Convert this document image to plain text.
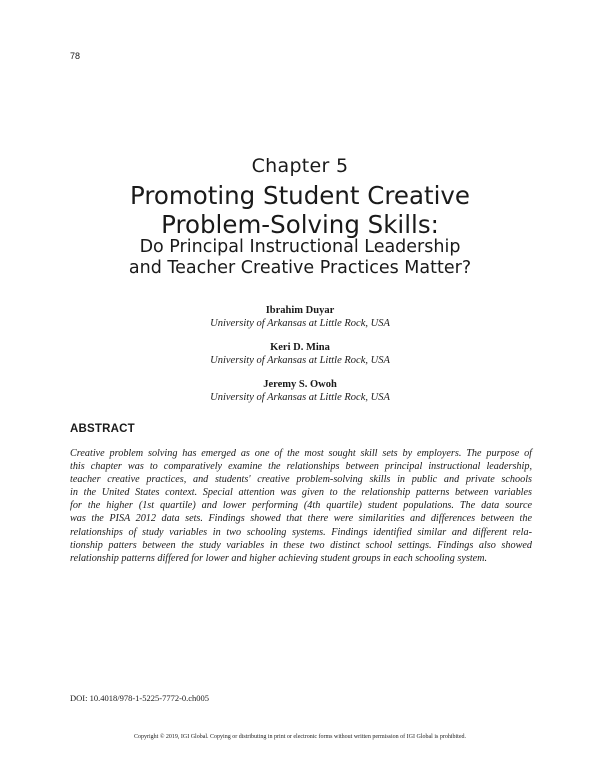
78
Chapter 5
Promoting Student Creative
Problem-Solving Skills:
Do Principal Instructional Leadership
and Teacher Creative Practices Matter?
Ibrahim Duyar
University of Arkansas at Little Rock, USA
Keri D. Mina
University of Arkansas at Little Rock, USA
Jeremy S. Owoh
University of Arkansas at Little Rock, USA
ABSTRACT
Creative problem solving has emerged as one of the most sought skill sets by employers. The purpose of
this chapter was to comparatively examine the relationships between principal instructional leadership,
teacher creative practices, and students' creative problem-solving skills in public and private schools
in the United States context. Special attention was given to the relationship patterns between variables
for the higher (1st quartile) and lower performing (4th quartile) student populations. The data source
was the PISA 2012 data sets. Findings showed that there were similarities and differences between the
relationships of study variables in two schooling systems. Findings identified similar and different rela-
tionship patters between the study variables in these two distinct school settings. Findings also showed
relationship patterns differed for lower and higher achieving student groups in each schooling system.
DOI: 10.4018/978-1-5225-7772-0.ch005
Copyright © 2019, IGI Global. Copying or distributing in print or electronic forms without written permission of IGI Global is prohibited.
